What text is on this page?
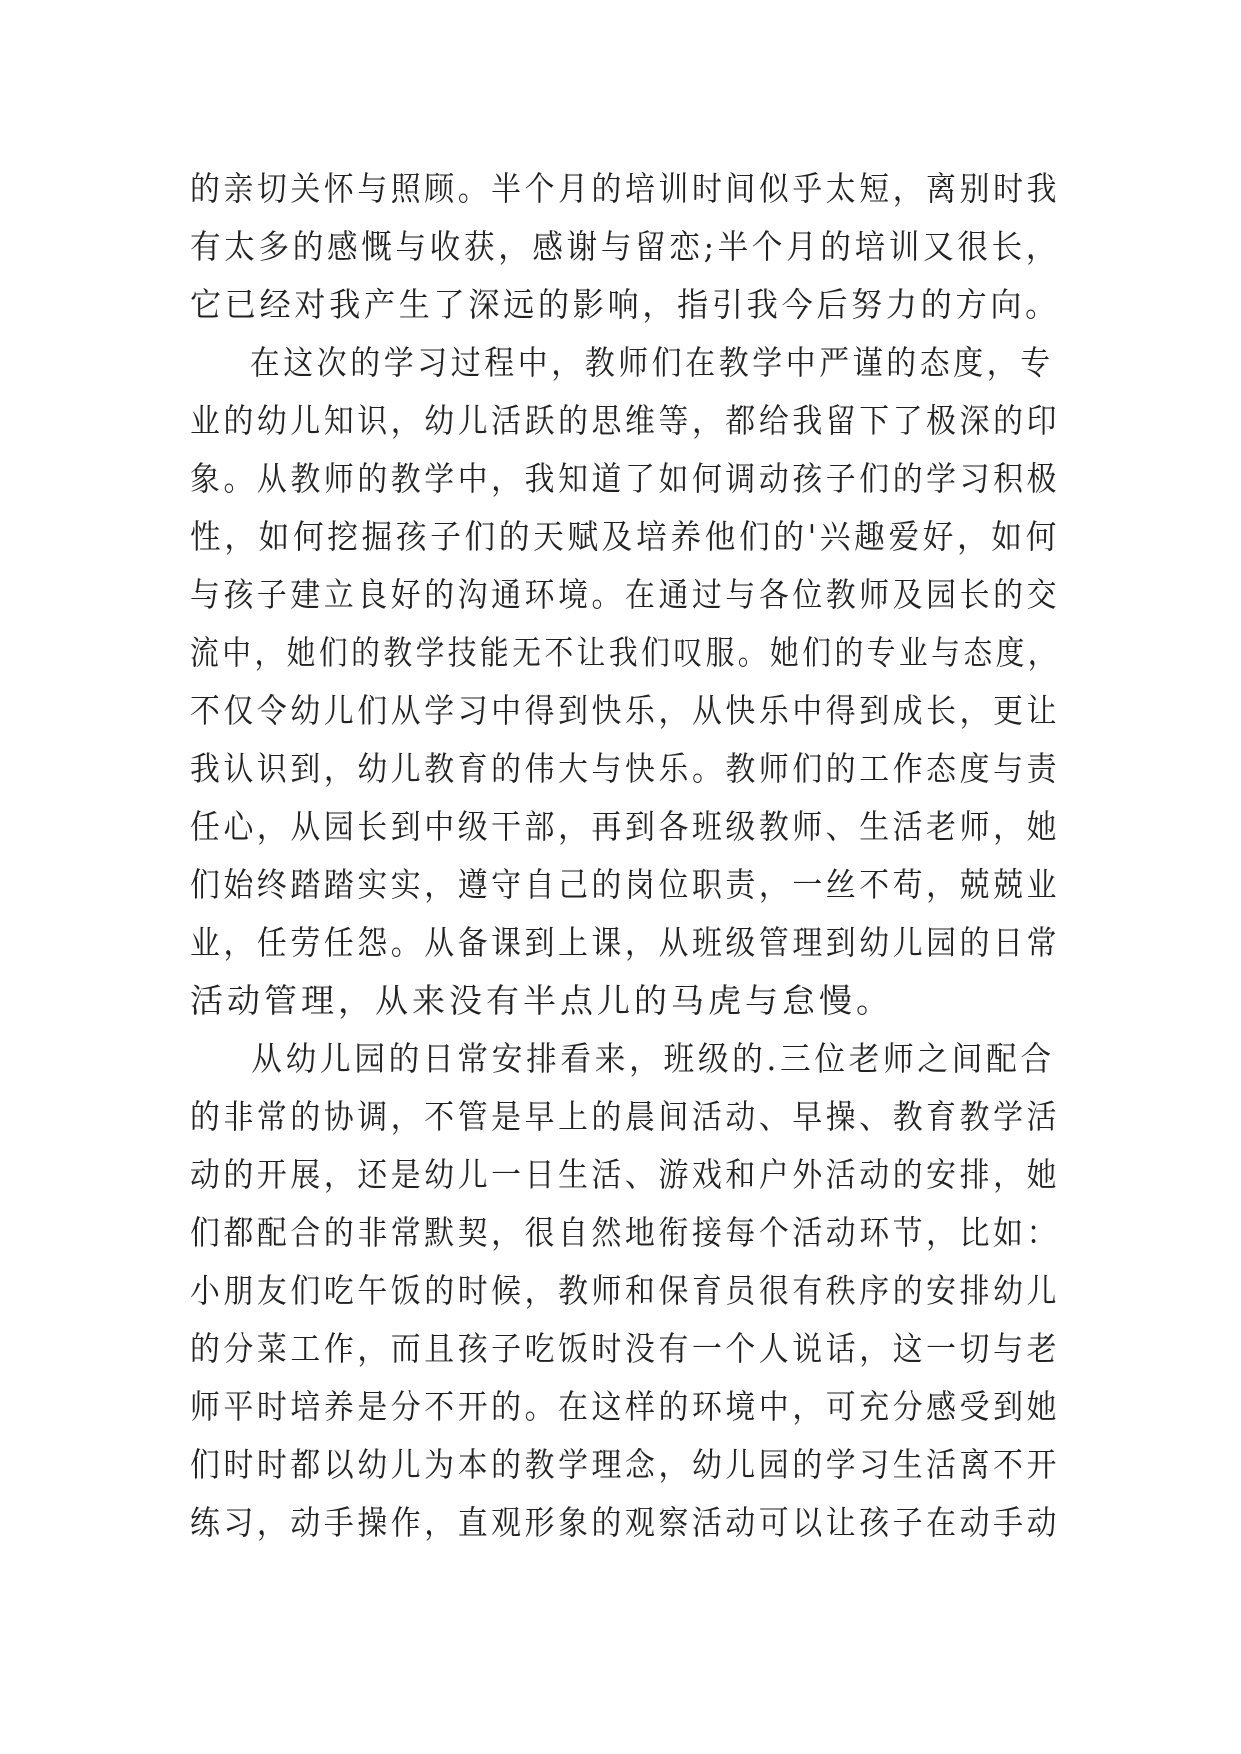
的亲切关怀与照顾。半个月的培训时间似乎太短，离别时我
有太多的感慨与收获，感谢与留恋;半个月的培训又很长，
它已经对我产生了深远的影响，指引我今后努力的方向。
在这次的学习过程中，教师们在教学中严谨的态度，专
业的幼儿知识，幼儿活跃的思维等，都给我留下了极深的印
象。从教师的教学中，我知道了如何调动孩子们的学习积极
性，如何挖掘孩子们的天赋及培养他们的'兴趣爱好，如何
与孩子建立良好的沟通环境。在通过与各位教师及园长的交
流中，她们的教学技能无不让我们叹服。她们的专业与态度，
不仅令幼儿们从学习中得到快乐，从快乐中得到成长，更让
我认识到，幼儿教育的伟大与快乐。教师们的工作态度与责
任心，从园长到中级干部，再到各班级教师、生活老师，她
们始终踏踏实实，遵守自己的岗位职责，一丝不苟，兢兢业
业，任劳任怨。从备课到上课，从班级管理到幼儿园的日常
活动管理，从来没有半点儿的马虎与怠慢。
从幼儿园的日常安排看来，班级的.三位老师之间配合
的非常的协调，不管是早上的晨间活动、早操、教育教学活
动的开展，还是幼儿一日生活、游戏和户外活动的安排，她
们都配合的非常默契，很自然地衔接每个活动环节，比如：
小朋友们吃午饭的时候，教师和保育员很有秩序的安排幼儿
的分菜工作，而且孩子吃饭时没有一个人说话，这一切与老
师平时培养是分不开的。在这样的环境中，可充分感受到她
们时时都以幼儿为本的教学理念，幼儿园的学习生活离不开
练习，动手操作，直观形象的观察活动可以让孩子在动手动
